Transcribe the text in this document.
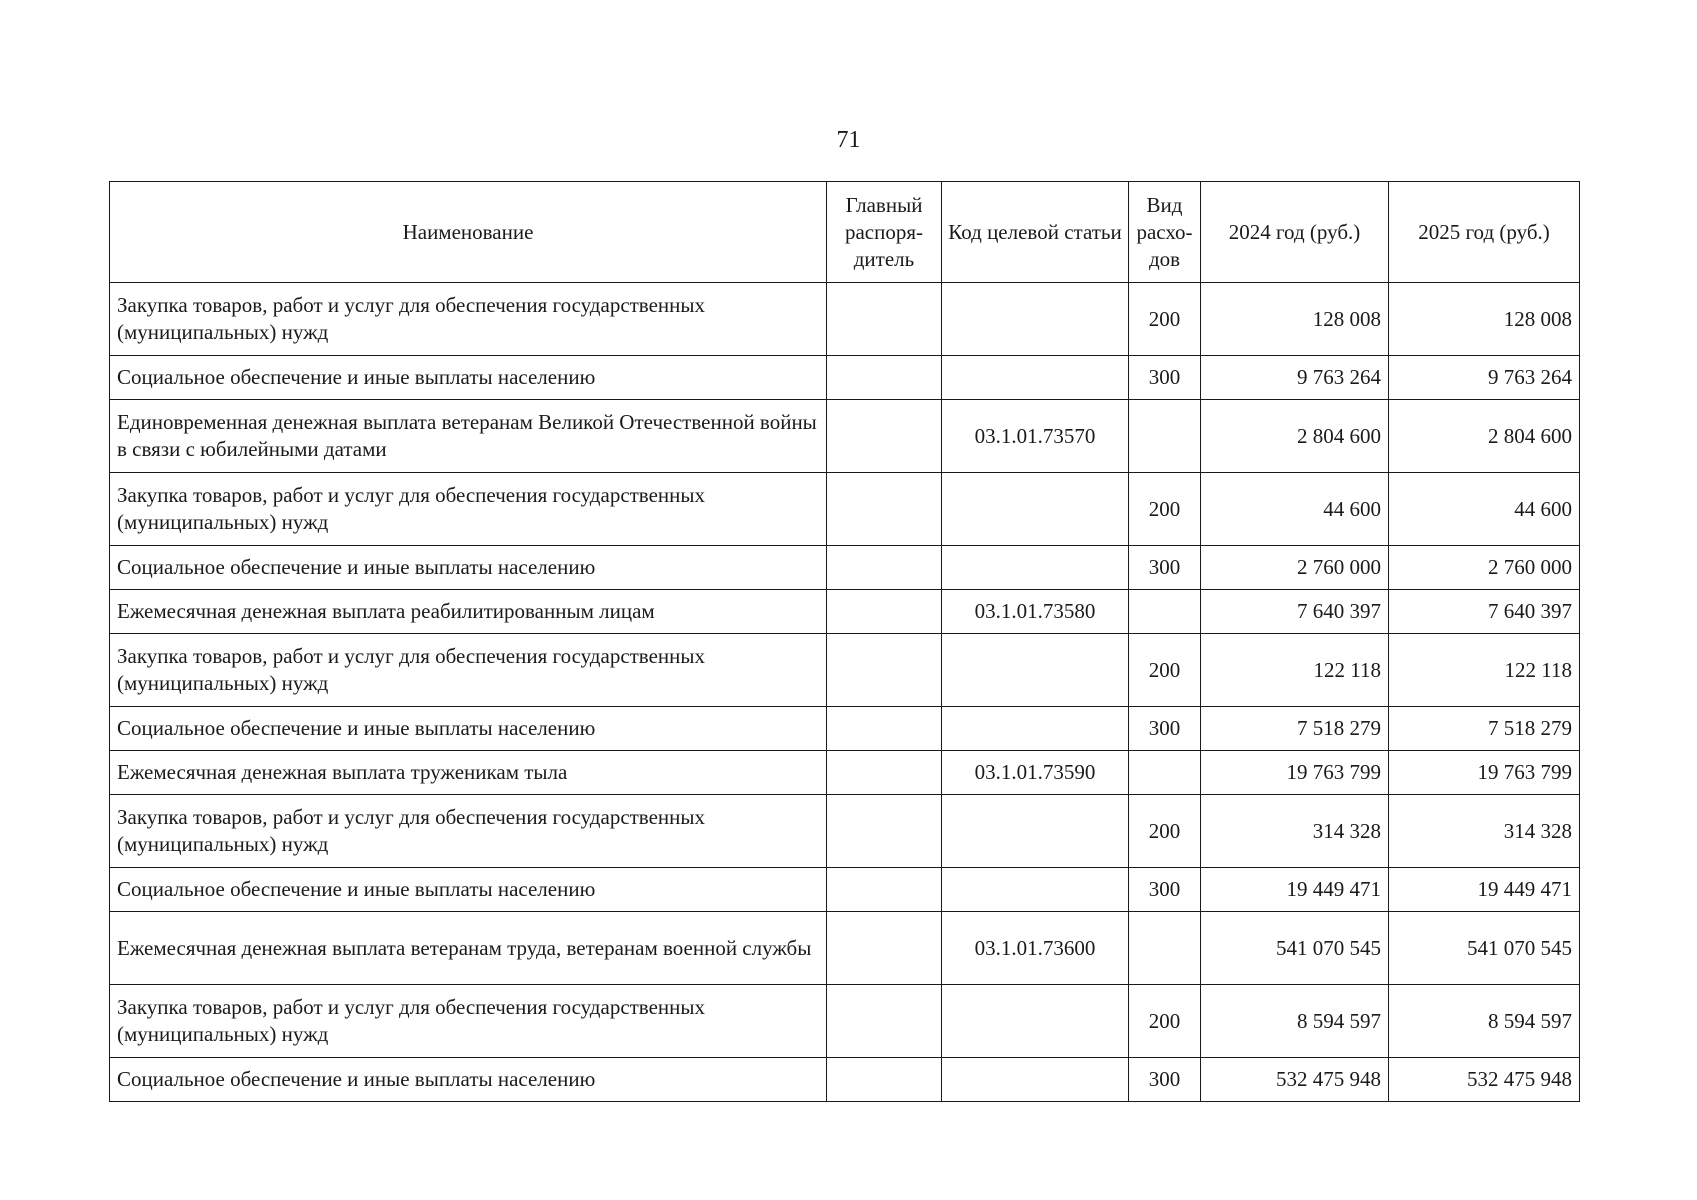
71
Наименование	Главный распоря-дитель	Код целевой статьи	Вид расхо-дов	2024 год (руб.)	2025 год (руб.)
Закупка товаров, работ и услуг для обеспечения государственных (муниципальных) нужд			200	128 008	128 008
Социальное обеспечение и иные выплаты населению			300	9 763 264	9 763 264
Единовременная денежная выплата ветеранам Великой Отечественной войны в связи с юбилейными датами		03.1.01.73570		2 804 600	2 804 600
Закупка товаров, работ и услуг для обеспечения государственных (муниципальных) нужд			200	44 600	44 600
Социальное обеспечение и иные выплаты населению			300	2 760 000	2 760 000
Ежемесячная денежная выплата реабилитированным лицам		03.1.01.73580		7 640 397	7 640 397
Закупка товаров, работ и услуг для обеспечения государственных (муниципальных) нужд			200	122 118	122 118
Социальное обеспечение и иные выплаты населению			300	7 518 279	7 518 279
Ежемесячная денежная выплата труженикам тыла		03.1.01.73590		19 763 799	19 763 799
Закупка товаров, работ и услуг для обеспечения государственных (муниципальных) нужд			200	314 328	314 328
Социальное обеспечение и иные выплаты населению			300	19 449 471	19 449 471
Ежемесячная денежная выплата ветеранам труда, ветеранам военной службы		03.1.01.73600		541 070 545	541 070 545
Закупка товаров, работ и услуг для обеспечения государственных (муниципальных) нужд			200	8 594 597	8 594 597
Социальное обеспечение и иные выплаты населению			300	532 475 948	532 475 948
